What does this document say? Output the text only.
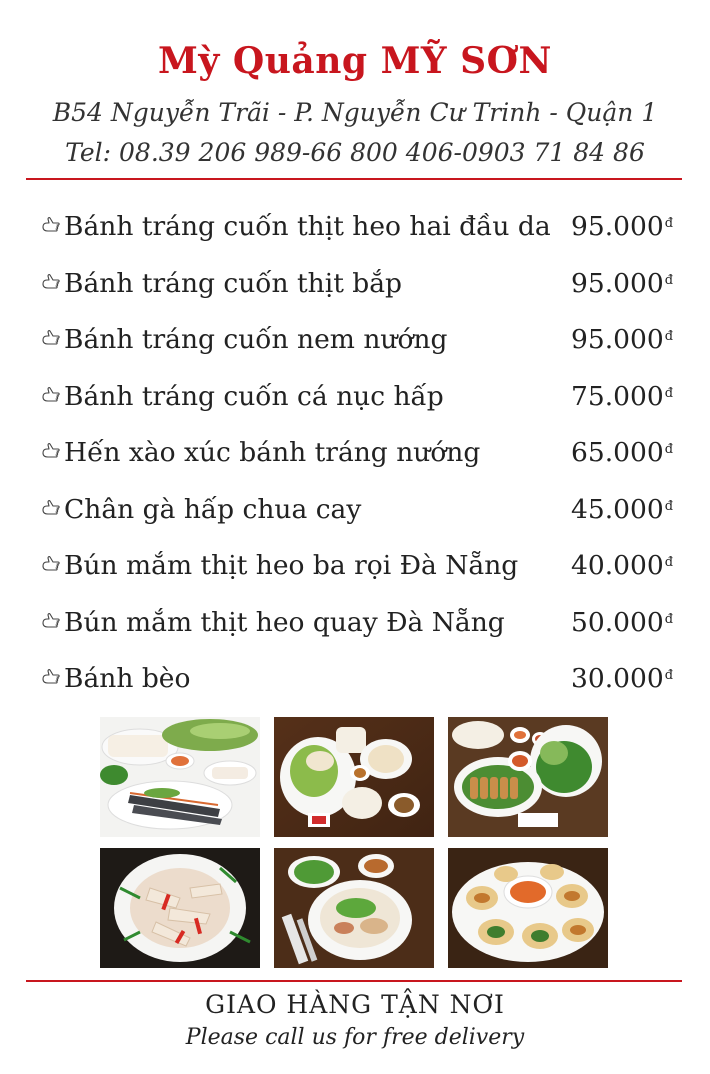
Mỳ Quảng MỸ SƠN
B54 Nguyễn Trãi - P. Nguyễn Cư Trinh - Quận 1
Tel: 08.39 206 989-66 800 406-0903 71 84 86
Bánh tráng cuốn thịt heo hai đầu da $95.000^đ$
Bánh tráng cuốn thịt bắp	$95.000^đ$
Bánh tráng cuốn nem nướng	$95.000^đ$
Bánh tráng cuốn cá nục hấp	$75.000^đ$
Hến xào xúc bánh tráng nướng	$65.000^đ$
Chân gà hấp chua cay	$45.000^đ$
Bún mắm thịt heo ba rọi Đà Nẵng $40.000^đ$
Bún mắm thịt heo quay Đà Nẵng $50.000^đ$
Bánh bèo	$30.000^đ$
GIAO HÀNG TẬN NƠI
Please call us for free delivery
